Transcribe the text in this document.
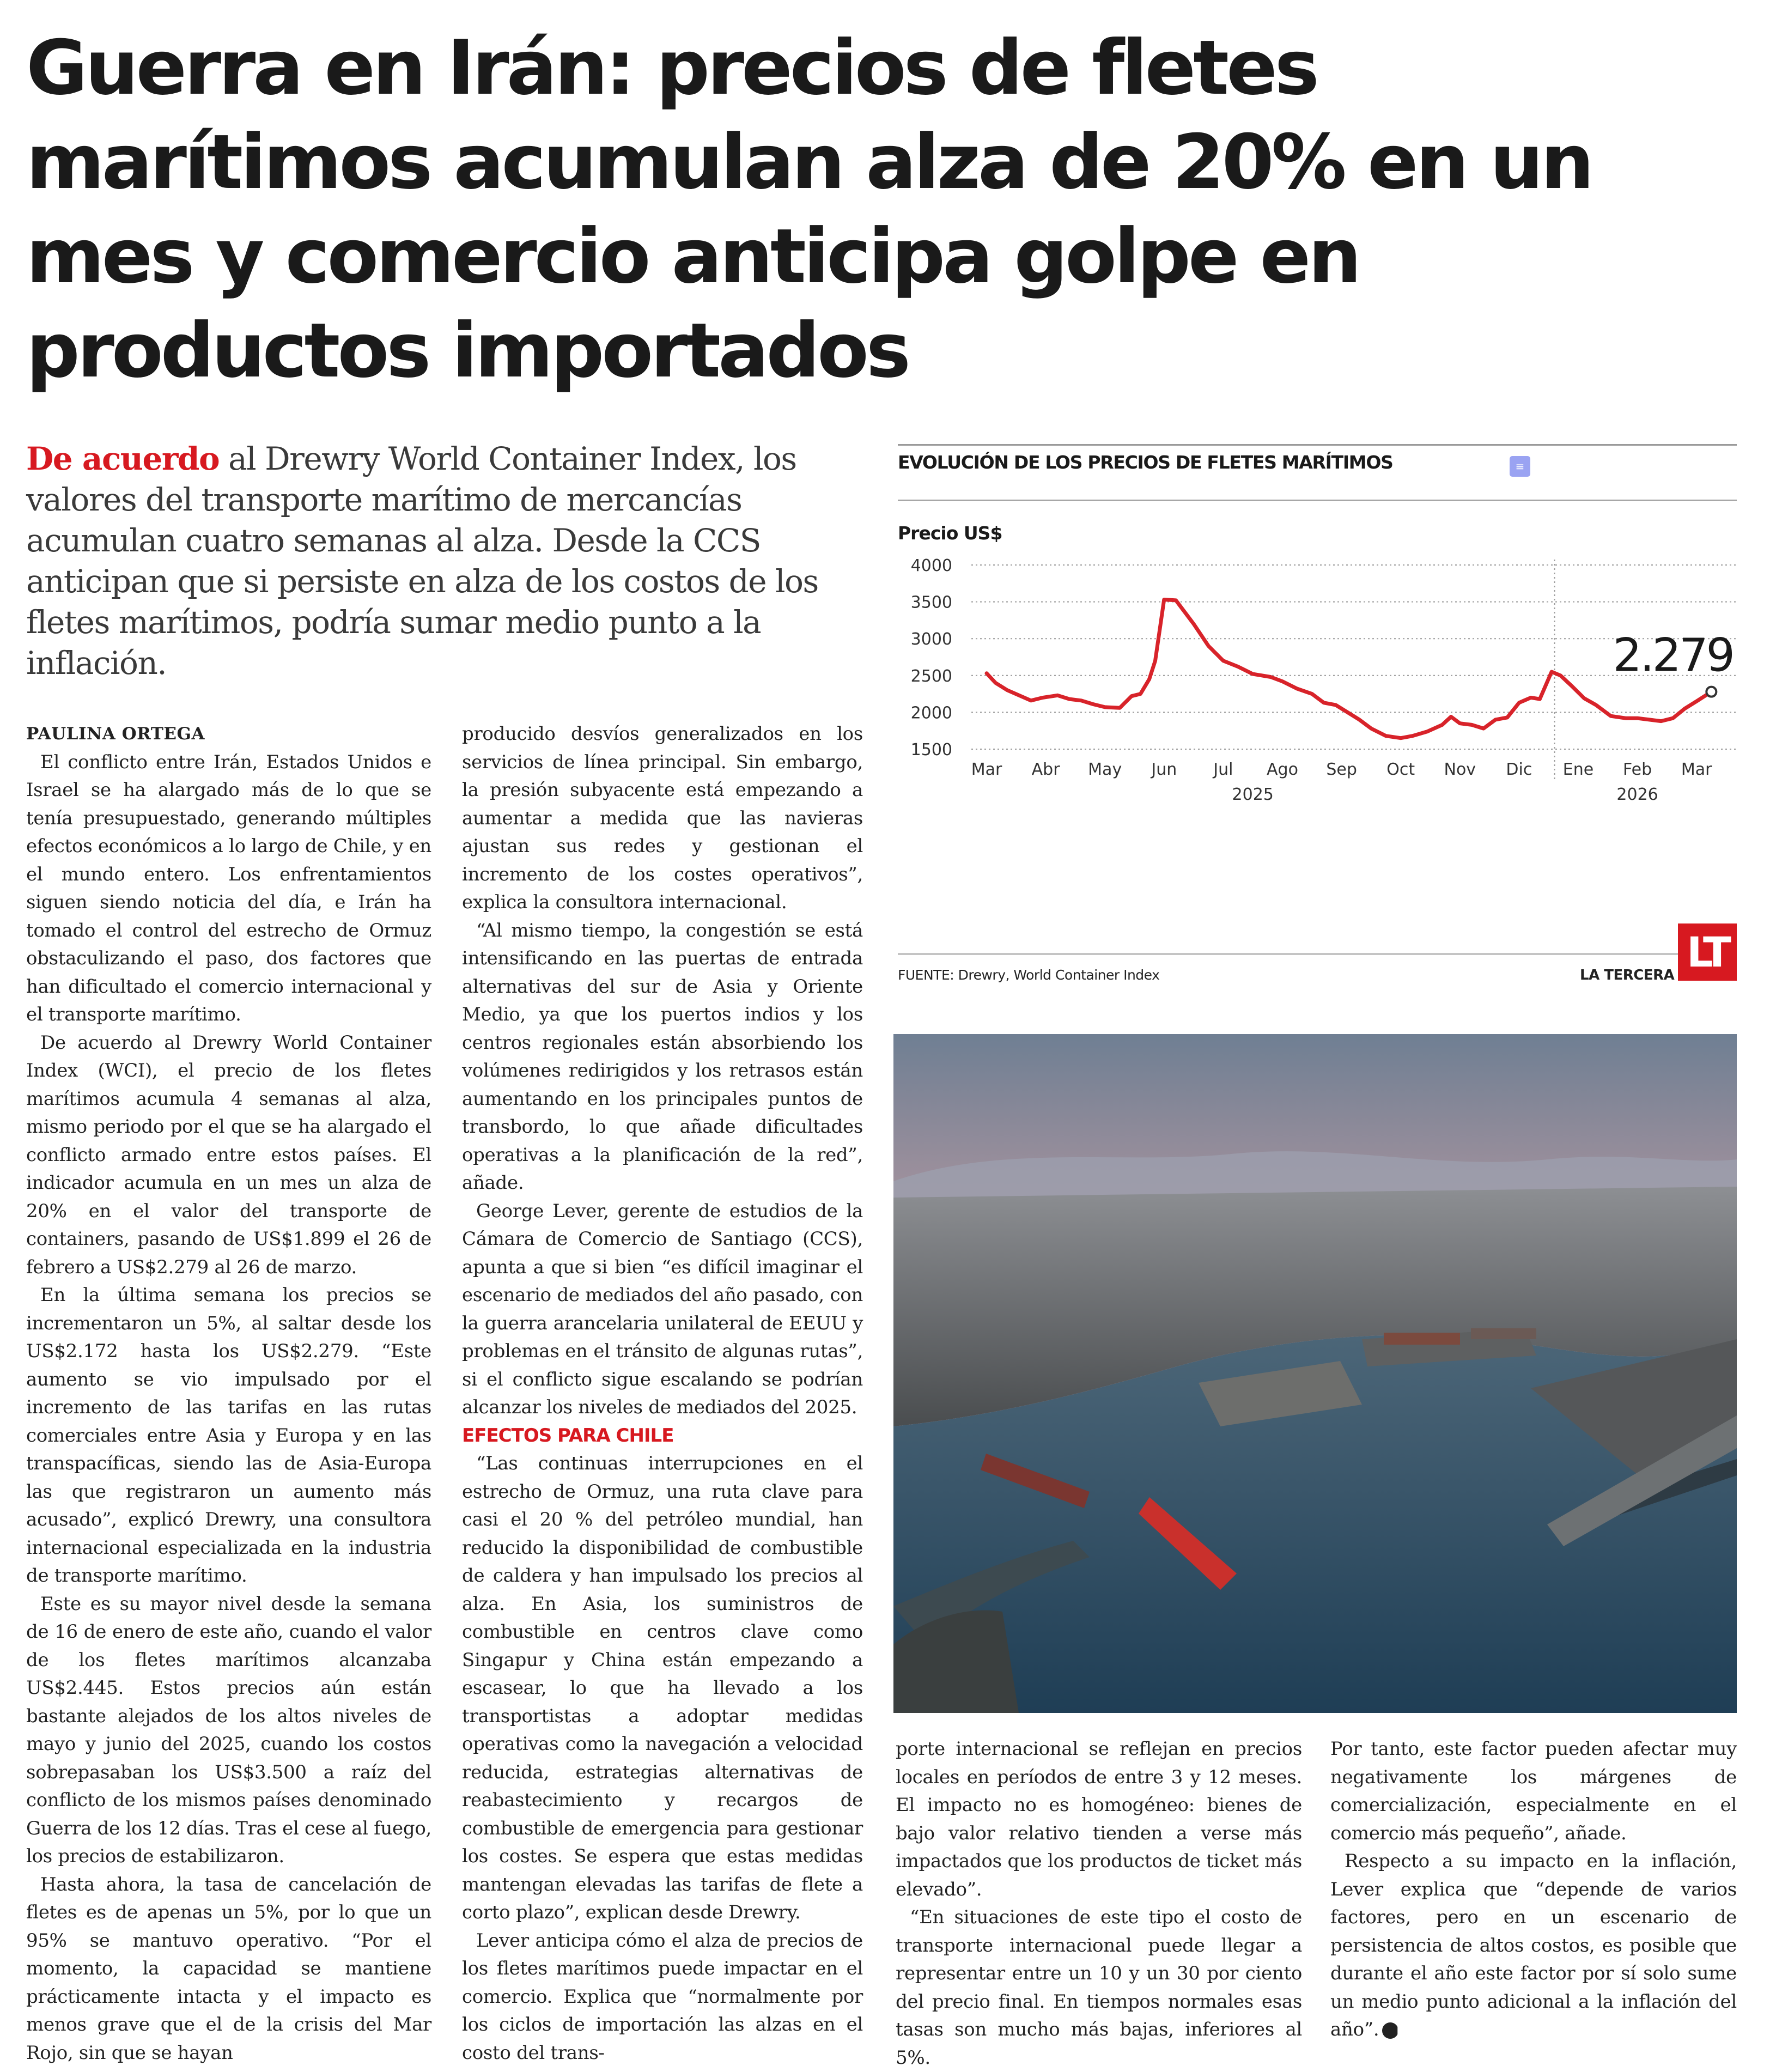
Guerra en Irán: precios de fletes marítimos acumulan alza de 20% en un mes y comercio anticipa golpe en productos importados

De acuerdo al Drewry World Container Index, los valores del transporte marítimo de mercancías acumulan cuatro semanas al alza. Desde la CCS anticipan que si persiste en alza de los costos de los fletes marítimos, podría sumar medio punto a la inflación.

PAULINA ORTEGA

El conflicto entre Irán, Estados Unidos e Israel se ha alargado más de lo que se tenía presupuestado, generando múltiples efectos económicos a lo largo de Chile, y en el mundo entero. Los enfrentamientos siguen siendo noticia del día, e Irán ha tomado el control del estrecho de Ormuz obstaculizando el paso, dos factores que han dificultado el comercio internacional y el transporte marítimo.

De acuerdo al Drewry World Container Index (WCI), el precio de los fletes marítimos acumula 4 semanas al alza, mismo periodo por el que se ha alargado el conflicto armado entre estos países. El indicador acumula en un mes un alza de 20% en el valor del transporte de containers, pasando de US$1.899 el 26 de febrero a US$2.279 al 26 de marzo.

En la última semana los precios se incrementaron un 5%, al saltar desde los US$2.172 hasta los US$2.279. “Este aumento se vio impulsado por el incremento de las tarifas en las rutas comerciales entre Asia y Europa y en las transpacíficas, siendo las de Asia-Europa las que registraron un aumento más acusado”, explicó Drewry, una consultora internacional especializada en la industria de transporte marítimo.

Este es su mayor nivel desde la semana de 16 de enero de este año, cuando el valor de los fletes marítimos alcanzaba US$2.445. Estos precios aún están bastante alejados de los altos niveles de mayo y junio del 2025, cuando los costos sobrepasaban los US$3.500 a raíz del conflicto de los mismos países denominado Guerra de los 12 días. Tras el cese al fuego, los precios de estabilizaron.

Hasta ahora, la tasa de cancelación de fletes es de apenas un 5%, por lo que un 95% se mantuvo operativo. “Por el momento, la capacidad se mantiene prácticamente intacta y el impacto es menos grave que el de la crisis del Mar Rojo, sin que se hayan

producido desvíos generalizados en los servicios de línea principal. Sin embargo, la presión subyacente está empezando a aumentar a medida que las navieras ajustan sus redes y gestionan el incremento de los costes operativos”, explica la consultora internacional.

“Al mismo tiempo, la congestión se está intensificando en las puertas de entrada alternativas del sur de Asia y Oriente Medio, ya que los puertos indios y los centros regionales están absorbiendo los volúmenes redirigidos y los retrasos están aumentando en los principales puntos de transbordo, lo que añade dificultades operativas a la planificación de la red”, añade.

George Lever, gerente de estudios de la Cámara de Comercio de Santiago (CCS), apunta a que si bien “es difícil imaginar el escenario de mediados del año pasado, con la guerra arancelaria unilateral de EEUU y problemas en el tránsito de algunas rutas”, si el conflicto sigue escalando se podrían alcanzar los niveles de mediados del 2025.

EFECTOS PARA CHILE

“Las continuas interrupciones en el estrecho de Ormuz, una ruta clave para casi el 20 % del petróleo mundial, han reducido la disponibilidad de combustible de caldera y han impulsado los precios al alza. En Asia, los suministros de combustible en centros clave como Singapur y China están empezando a escasear, lo que ha llevado a los transportistas a adoptar medidas operativas como la navegación a velocidad reducida, estrategias alternativas de reabastecimiento y recargos de combustible de emergencia para gestionar los costes. Se espera que estas medidas mantengan elevadas las tarifas de flete a corto plazo”, explican desde Drewry.

Lever anticipa cómo el alza de precios de los fletes marítimos puede impactar en el comercio. Explica que “normalmente por los ciclos de importación las alzas en el costo del trans-

porte internacional se reflejan en precios locales en períodos de entre 3 y 12 meses. El impacto no es homogéneo: bienes de bajo valor relativo tienden a verse más impactados que los productos de ticket más elevado”.

“En situaciones de este tipo el costo de transporte internacional puede llegar a representar entre un 10 y un 30 por ciento del precio final. En tiempos normales esas tasas son mucho más bajas, inferiores al 5%.

Por tanto, este factor pueden afectar muy negativamente los márgenes de comercialización, especialmente en el comercio más pequeño”, añade.

Respecto a su impacto en la inflación, Lever explica que “depende de varios factores, pero en un escenario de persistencia de altos costos, es posible que durante el año este factor por sí solo sume un medio punto adicional a la inflación del año”. P

EVOLUCIÓN DE LOS PRECIOS DE FLETES MARÍTIMOS	≡
Precio US$
4000
3500
3000
2500
2000
1500
Mar Abr May Jun Jul Ago Sep Oct Nov Dic Ene Feb Mar
2025	2026
2.279
FUENTE: Drewry, World Container Index	LA TERCERA LT
